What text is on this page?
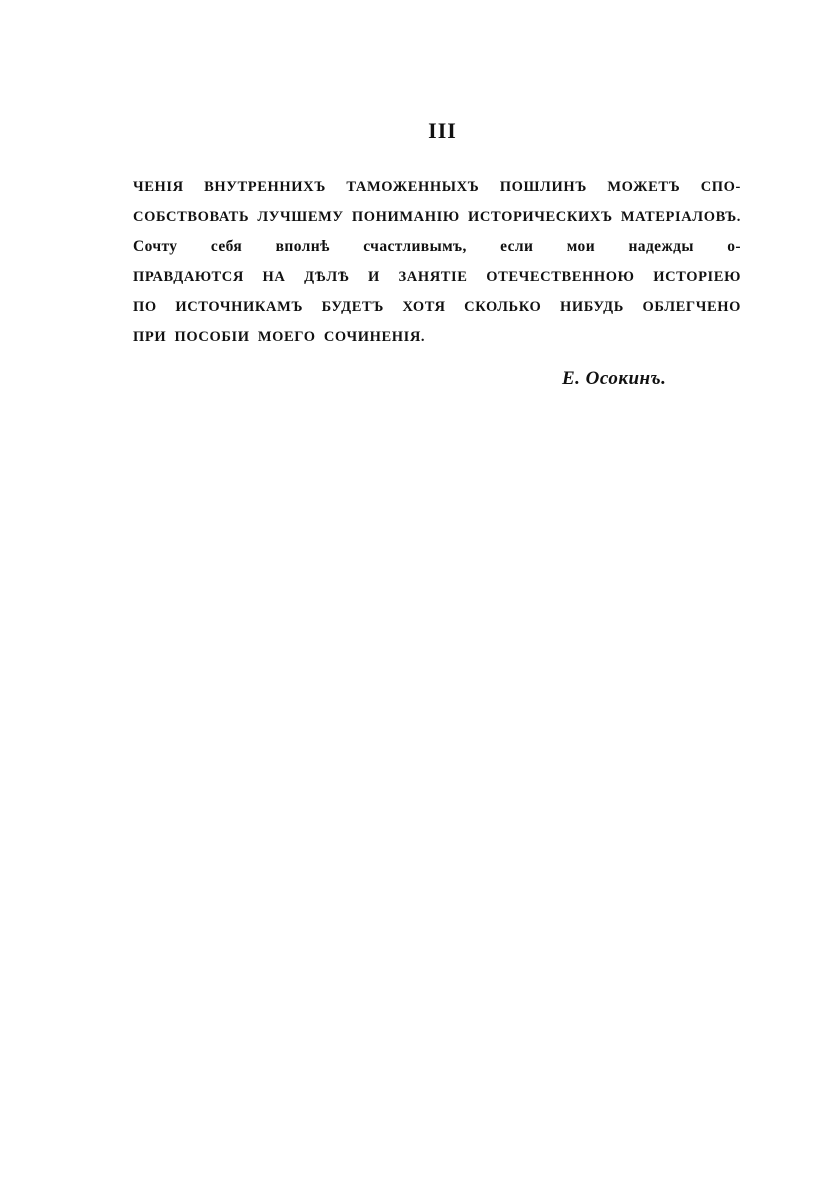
III
ЧЕНІЯ ВНУТРЕННИХЪ ТАМОЖЕННЫХЪ ПОШЛИНЪ МОЖЕТЪ СПО-
СОБСТВОВАТЬ ЛУЧШЕМУ ПОНИМАНІЮ ИСТОРИЧЕСКИХЪ МАТЕРІАЛОВЪ.
Сочту себя вполнѣ счастливымъ, если мои надежды о-
ПРАВДАЮТСЯ НА ДѢЛѢ И ЗАНЯТІЕ ОТЕЧЕСТВЕННОЮ ИСТОРІЕЮ
ПО ИСТОЧНИКАМЪ БУДЕТЪ ХОТЯ СКОЛЬКО НИБУДЬ ОБЛЕГЧЕНО
ПРИ ПОСОБІИ МОЕГО СОЧИНЕНІЯ.
Е. Осокинъ.
